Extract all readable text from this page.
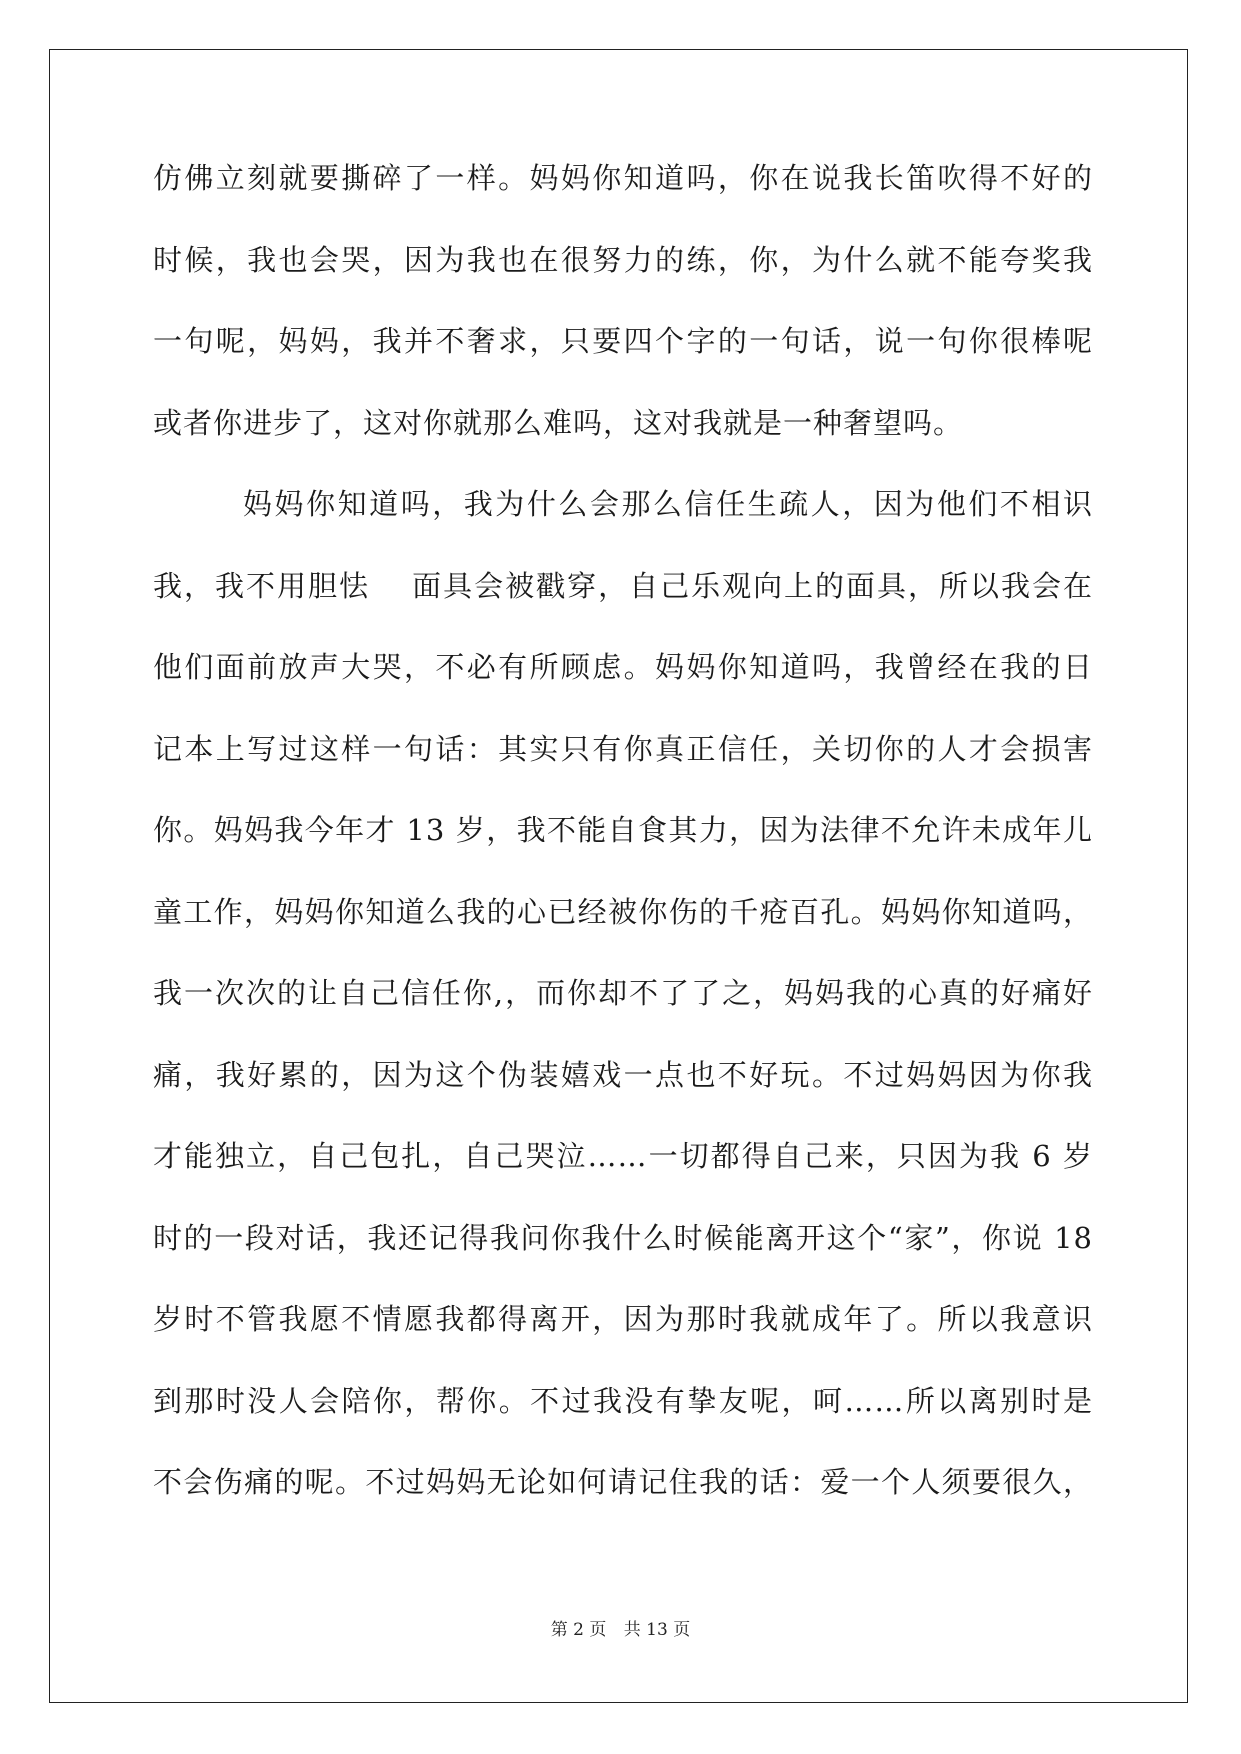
仿佛立刻就要撕碎了一样。妈妈你知道吗，你在说我长笛吹得不好的
时候，我也会哭，因为我也在很努力的练，你，为什么就不能夸奖我
一句呢，妈妈，我并不奢求，只要四个字的一句话，说一句你很棒呢
或者你进步了，这对你就那么难吗，这对我就是一种奢望吗。
妈妈你知道吗，我为什么会那么信任生疏人，因为他们不相识
我，我不用胆怯　 面具会被戳穿，自己乐观向上的面具，所以我会在
他们面前放声大哭，不必有所顾虑。妈妈你知道吗，我曾经在我的日
记本上写过这样一句话：其实只有你真正信任，关切你的人才会损害
你。妈妈我今年才 13 岁，我不能自食其力，因为法律不允许未成年儿
童工作，妈妈你知道么我的心已经被你伤的千疮百孔。妈妈你知道吗，
我一次次的让自己信任你,，而你却不了了之，妈妈我的心真的好痛好
痛，我好累的，因为这个伪装嬉戏一点也不好玩。不过妈妈因为你我
才能独立，自己包扎，自己哭泣……一切都得自己来，只因为我 6 岁
时的一段对话，我还记得我问你我什么时候能离开这个“家”，你说 18
岁时不管我愿不情愿我都得离开，因为那时我就成年了。所以我意识
到那时没人会陪你，帮你。不过我没有挚友呢，呵……所以离别时是
不会伤痛的呢。不过妈妈无论如何请记住我的话：爱一个人须要很久，
第 2 页 共 13 页
